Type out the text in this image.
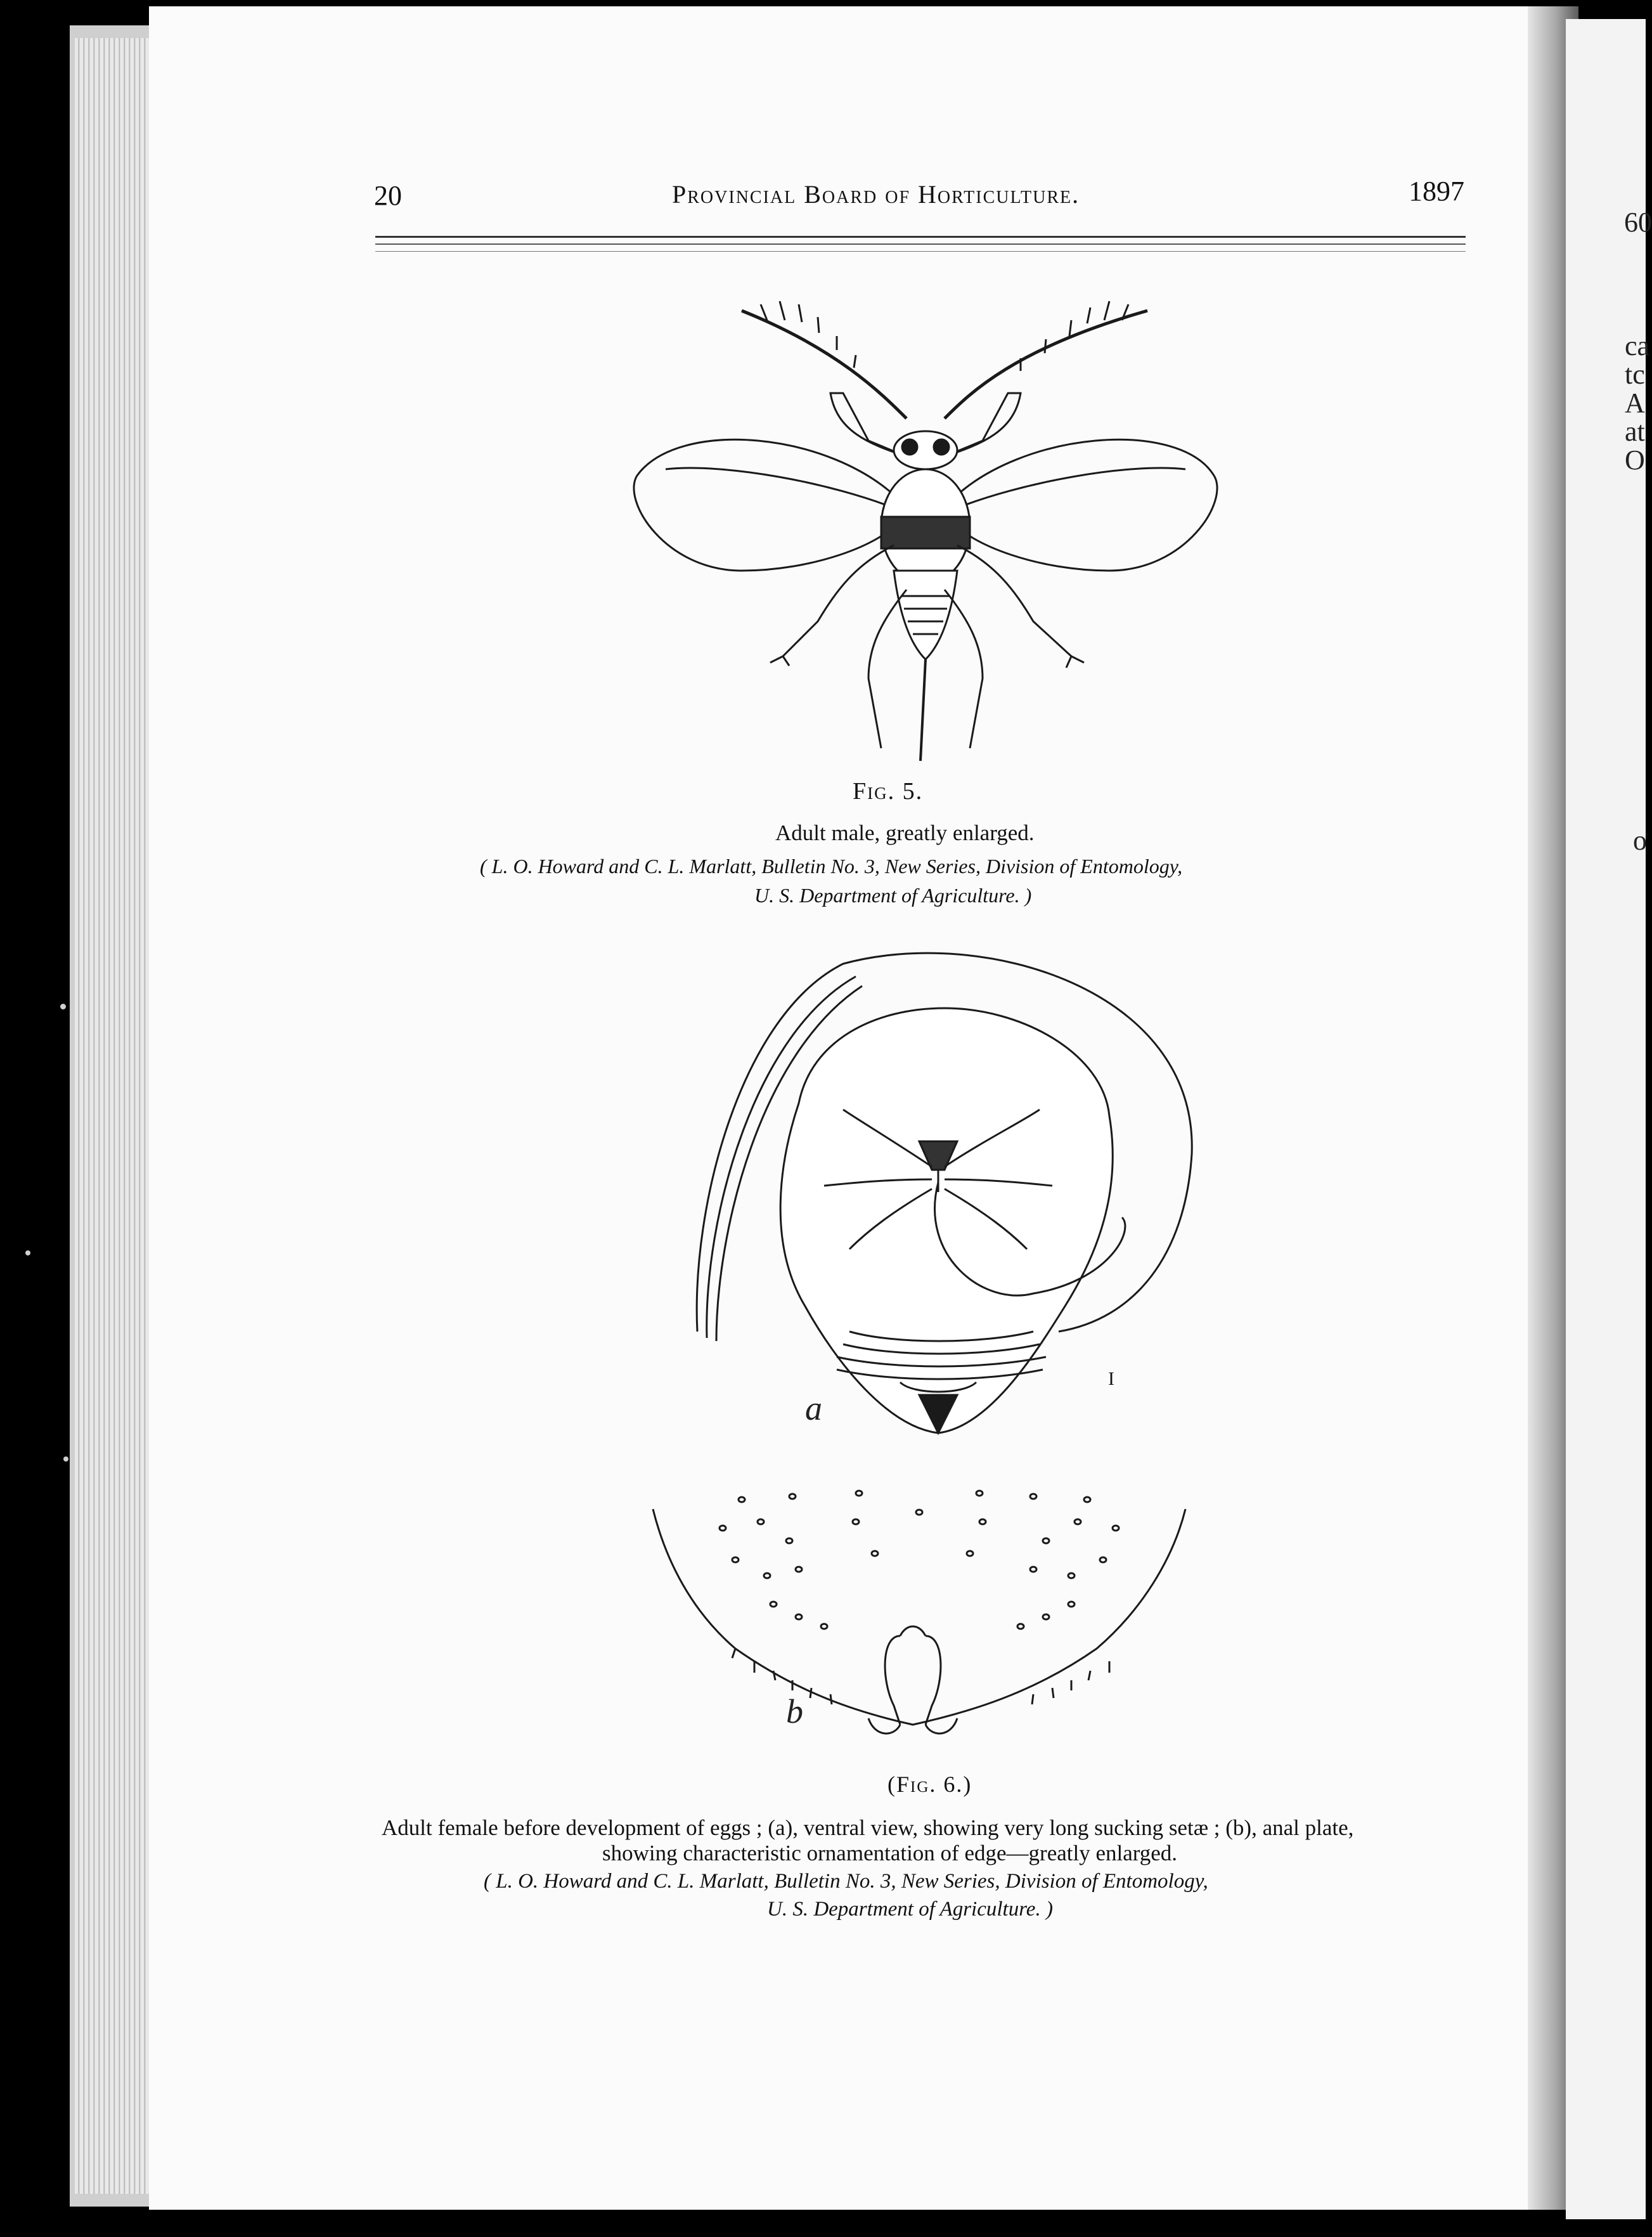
20	Provincial Board of Horticulture.	1897
Fig. 5.
Adult male, greatly enlarged.
( L. O. Howard and C. L. Marlatt, Bulletin No. 3, New Series, Division of Entomology,
U. S. Department of Agriculture. )
a
I
b
(Fig. 6.)
Adult female before development of eggs ; (a), ventral view, showing very long sucking setæ ; (b), anal plate,
showing characteristic ornamentation of edge—greatly enlarged.
( L. O. Howard and C. L. Marlatt, Bulletin No. 3, New Series, Division of Entomology,
U. S. Department of Agriculture. )
60
ca
tc
A
at
O
o
